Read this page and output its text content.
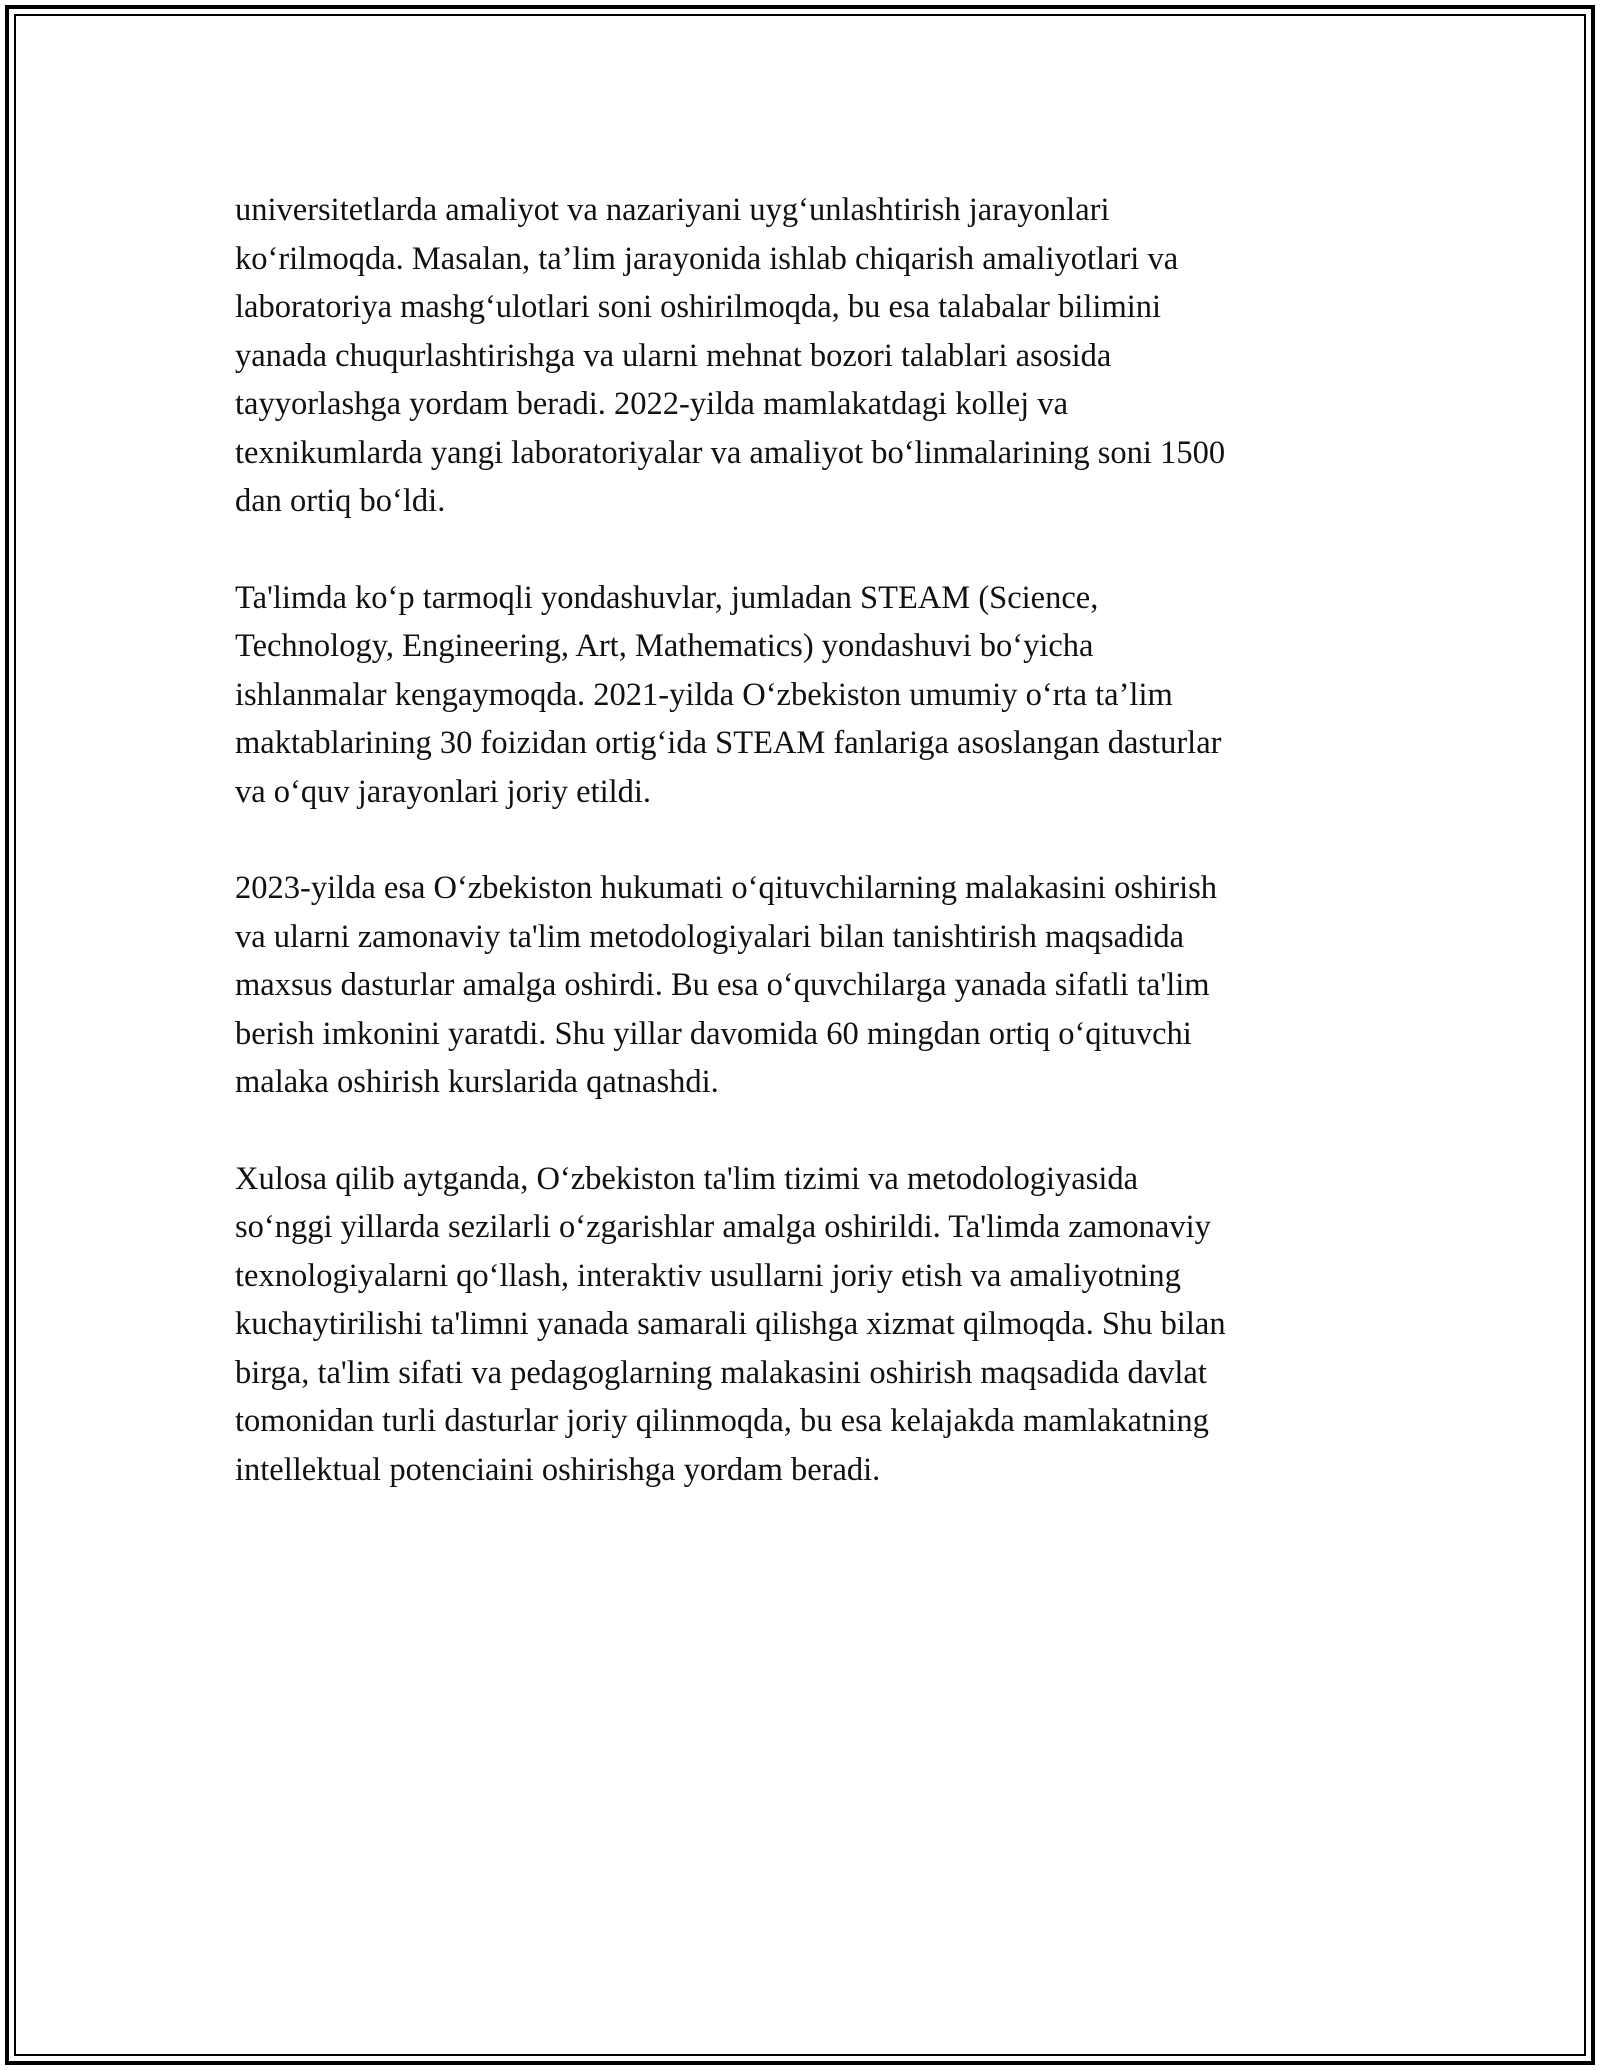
universitetlarda amaliyot va nazariyani uyg‘unlashtirish jarayonlari
ko‘rilmoqda. Masalan, ta’lim jarayonida ishlab chiqarish amaliyotlari va
laboratoriya mashg‘ulotlari soni oshirilmoqda, bu esa talabalar bilimini
yanada chuqurlashtirishga va ularni mehnat bozori talablari asosida
tayyorlashga yordam beradi. 2022-yilda mamlakatdagi kollej va
texnikumlarda yangi laboratoriyalar va amaliyot bo‘linmalarining soni 1500
dan ortiq bo‘ldi.

Ta'limda ko‘p tarmoqli yondashuvlar, jumladan STEAM (Science,
Technology, Engineering, Art, Mathematics) yondashuvi bo‘yicha
ishlanmalar kengaymoqda. 2021-yilda O‘zbekiston umumiy o‘rta ta’lim
maktablarining 30 foizidan ortig‘ida STEAM fanlariga asoslangan dasturlar
va o‘quv jarayonlari joriy etildi.

2023-yilda esa O‘zbekiston hukumati o‘qituvchilarning malakasini oshirish
va ularni zamonaviy ta'lim metodologiyalari bilan tanishtirish maqsadida
maxsus dasturlar amalga oshirdi. Bu esa o‘quvchilarga yanada sifatli ta'lim
berish imkonini yaratdi. Shu yillar davomida 60 mingdan ortiq o‘qituvchi
malaka oshirish kurslarida qatnashdi.

Xulosa qilib aytganda, O‘zbekiston ta'lim tizimi va metodologiyasida
so‘nggi yillarda sezilarli o‘zgarishlar amalga oshirildi. Ta'limda zamonaviy
texnologiyalarni qo‘llash, interaktiv usullarni joriy etish va amaliyotning
kuchaytirilishi ta'limni yanada samarali qilishga xizmat qilmoqda. Shu bilan
birga, ta'lim sifati va pedagoglarning malakasini oshirish maqsadida davlat
tomonidan turli dasturlar joriy qilinmoqda, bu esa kelajakda mamlakatning
intellektual potenciaini oshirishga yordam beradi.
